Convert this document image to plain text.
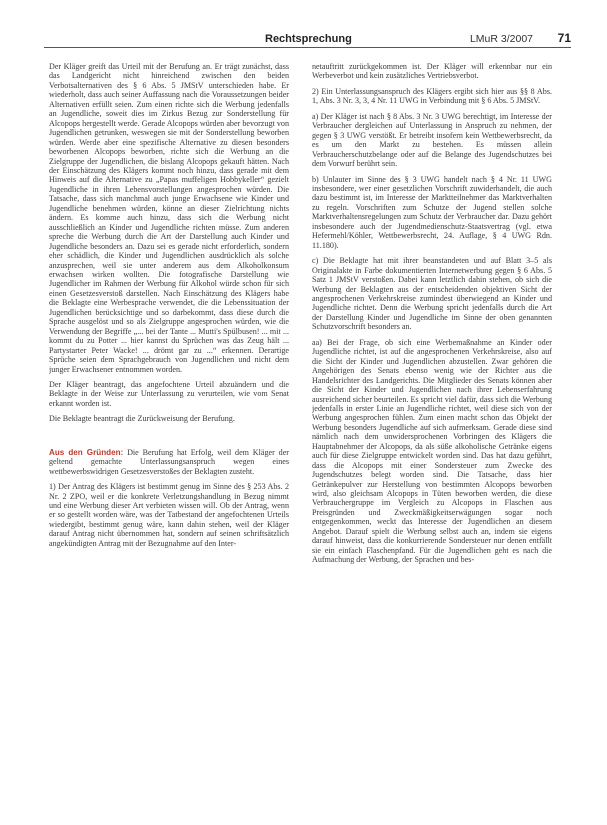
Rechtsprechung	LMuR 3/2007	71

Der Kläger greift das Urteil mit der Berufung an. Er trägt zunächst, dass das Landgericht nicht hinreichend zwischen den beiden Verbotsalternativen des § 6 Abs. 5 JMStV unterschieden habe. Er wiederholt, dass auch seiner Auffassung nach die Voraussetzungen beider Alternativen erfüllt seien. Zum einen richte sich die Werbung jedenfalls an Jugendliche, soweit dies im Zirkus Bezug zur Sonderstellung für Alcopops hergestellt werde. Gerade Alcopops würden aber bevorzugt von Jugendlichen getrunken, weswegen sie mit der Sonderstellung beworben würden. Werde aber eine spezifische Alternative zu diesen besonders beworbenen Alcopops beworben, richte sich die Werbung an die Zielgruppe der Jugendlichen, die bislang Alcopops gekauft hätten. Nach der Einschätzung des Klägers kommt noch hinzu, dass gerade mit dem Hinweis auf die Alternative zu „Papas muffeligen Hobbykeller“ gezielt Jugendliche in ihren Lebensvorstellungen angesprochen würden. Die Tatsache, dass sich manchmal auch junge Erwachsene wie Kinder und Jugendliche benehmen würden, könne an dieser Zielrichtung nichts ändern. Es komme auch hinzu, dass sich die Werbung nicht ausschließlich an Kinder und Jugendliche richten müsse. Zum anderen spreche die Werbung durch die Art der Darstellung auch Kinder und Jugendliche besonders an. Dazu sei es gerade nicht erforderlich, sondern eher schädlich, die Kinder und Jugendlichen ausdrücklich als solche anzusprechen, weil sie unter anderem aus dem Alkoholkonsum erwachsen wirken wollten. Die fotografische Darstellung wie Jugendlicher im Rahmen der Werbung für Alkohol würde schon für sich einen Gesetzesverstoß darstellen. Nach Einschätzung des Klägers habe die Beklagte eine Werbesprache verwendet, die die Lebenssituation der Jugendlichen berücksichtige und so darbekommt, dass diese durch die Sprache ausgelöst und so als Zielgruppe angesprochen würden, wie die Verwendung der Begriffe „... bei der Tante ... Mutti's Spülbusen! ... mit ... kommt du zu Potter ... hier kannst du Sprüchen was das Zeug hält ... Partystarter Peter Wacke! ... drömt gar zu ...“ erkennen. Derartige Sprüche seien dem Sprachgebrauch von Jugendlichen und nicht dem junger Erwachsener entnommen worden.

Der Kläger beantragt, das angefochtene Urteil abzuändern und die Beklagte in der Weise zur Unterlassung zu verurteilen, wie vom Senat erkannt worden ist.

Die Beklagte beantragt die Zurückweisung der Berufung.

Aus den Gründen: Die Berufung hat Erfolg, weil dem Kläger der geltend gemachte Unterlassungsanspruch wegen eines wettbewerbswidrigen Gesetzesverstoßes der Beklagten zusteht.

1) Der Antrag des Klägers ist bestimmt genug im Sinne des § 253 Abs. 2 Nr. 2 ZPO, weil er die konkrete Verletzungshandlung in Bezug nimmt und eine Werbung dieser Art verbieten wissen will. Ob der Antrag, wenn er so gestellt worden wäre, was der Tatbestand der angefochtenen Urteils wiedergibt, bestimmt genug wäre, kann dahin stehen, weil der Kläger darauf Antrag nicht übernommen hat, sondern auf seinen schriftsätzlich angekündigten Antrag mit der Bezugnahme auf den Inter-

netauftritt zurückgekommen ist. Der Kläger will erkennbar nur ein Werbeverbot und kein zusätzliches Vertriebsverbot.

2) Ein Unterlassungsanspruch des Klägers ergibt sich hier aus §§ 8 Abs. 1, Abs. 3 Nr. 3, 3, 4 Nr. 11 UWG in Verbindung mit § 6 Abs. 5 JMStV.

a) Der Kläger ist nach § 8 Abs. 3 Nr. 3 UWG berechtigt, im Interesse der Verbraucher dergleichen auf Unterlassung in Anspruch zu nehmen, der gegen § 3 UWG verstößt. Er betreibt insofern kein Wettbewerbsrecht, da es um den Markt zu bestehen. Es müssen allein Verbraucherschutzbelange oder auf die Belange des Jugendschutzes bei dem Vorwurf berührt sein.

b) Unlauter im Sinne des § 3 UWG handelt nach § 4 Nr. 11 UWG insbesondere, wer einer gesetzlichen Vorschrift zuwiderhandelt, die auch dazu bestimmt ist, im Interesse der Marktteilnehmer das Marktverhalten zu regeln. Vorschriften zum Schutze der Jugend stellen solche Marktverhaltensregelungen zum Schutz der Verbraucher dar. Dazu gehört insbesondere auch der Jugendmedienschutz-Staatsvertrag (vgl. etwa Hefermehl/Köhler, Wettbewerbsrecht, 24. Auflage, § 4 UWG Rdn. 11.180).

c) Die Beklagte hat mit ihrer beanstandeten und auf Blatt 3–5 als Originalakte in Farbe dokumentierten Internetwerbung gegen § 6 Abs. 5 Satz 1 JMStV verstoßen. Dabei kann letztlich dahin stehen, ob sich die Werbung der Beklagten aus der entscheidenden objektiven Sicht der angesprochenen Verkehrskreise zumindest überwiegend an Kinder und Jugendliche richtet. Denn die Werbung spricht jedenfalls durch die Art der Darstellung Kinder und Jugendliche im Sinne der oben genannten Schutzvorschrift besonders an.

aa) Bei der Frage, ob sich eine Werbemaßnahme an Kinder oder Jugendliche richtet, ist auf die angesprochenen Verkehrskreise, also auf die Sicht der Kinder und Jugendlichen abzustellen. Zwar gehören die Angehörigen des Senats ebenso wenig wie der Richter aus die Handelsrichter des Landgerichts. Die Mitglieder des Senats können aber die Sicht der Kinder und Jugendlichen nach ihrer Lebenserfahrung ausreichend sicher beurteilen. Es spricht viel dafür, dass sich die Werbung jedenfalls in erster Linie an Jugendliche richtet, weil diese sich von der Werbung angesprochen fühlen. Zum einen macht schon das Objekt der Werbung besonders Jugendliche auf sich aufmerksam. Gerade diese sind nämlich nach dem unwidersprochenen Vorbringen des Klägers die Hauptabnehmer der Alcopops, da als süße alkoholische Getränke eigens auch für diese Zielgruppe entwickelt worden sind. Das hat dazu geführt, dass die Alcopops mit einer Sondersteuer zum Zwecke des Jugendschutzes belegt worden sind. Die Tatsache, dass hier Getränkepulver zur Herstellung von bestimmten Alcopops beworben wird, also gleichsam Alcopops in Tüten beworben werden, die diese Verbrauchergruppe im Vergleich zu Alcopops in Flaschen aus Preisgründen und Zweckmäßigkeitserwägungen sogar noch entgegenkommen, weckt das Interesse der Jugendlichen an diesem Angebot. Darauf spielt die Werbung selbst auch an, indem sie eigens darauf hinweist, dass die konkurrierende Sondersteuer nur denen entfällt sie ein einfach Flaschenpfand. Für die Jugendlichen geht es nach die Aufmachung der Werbung, der Sprachen und bes-
